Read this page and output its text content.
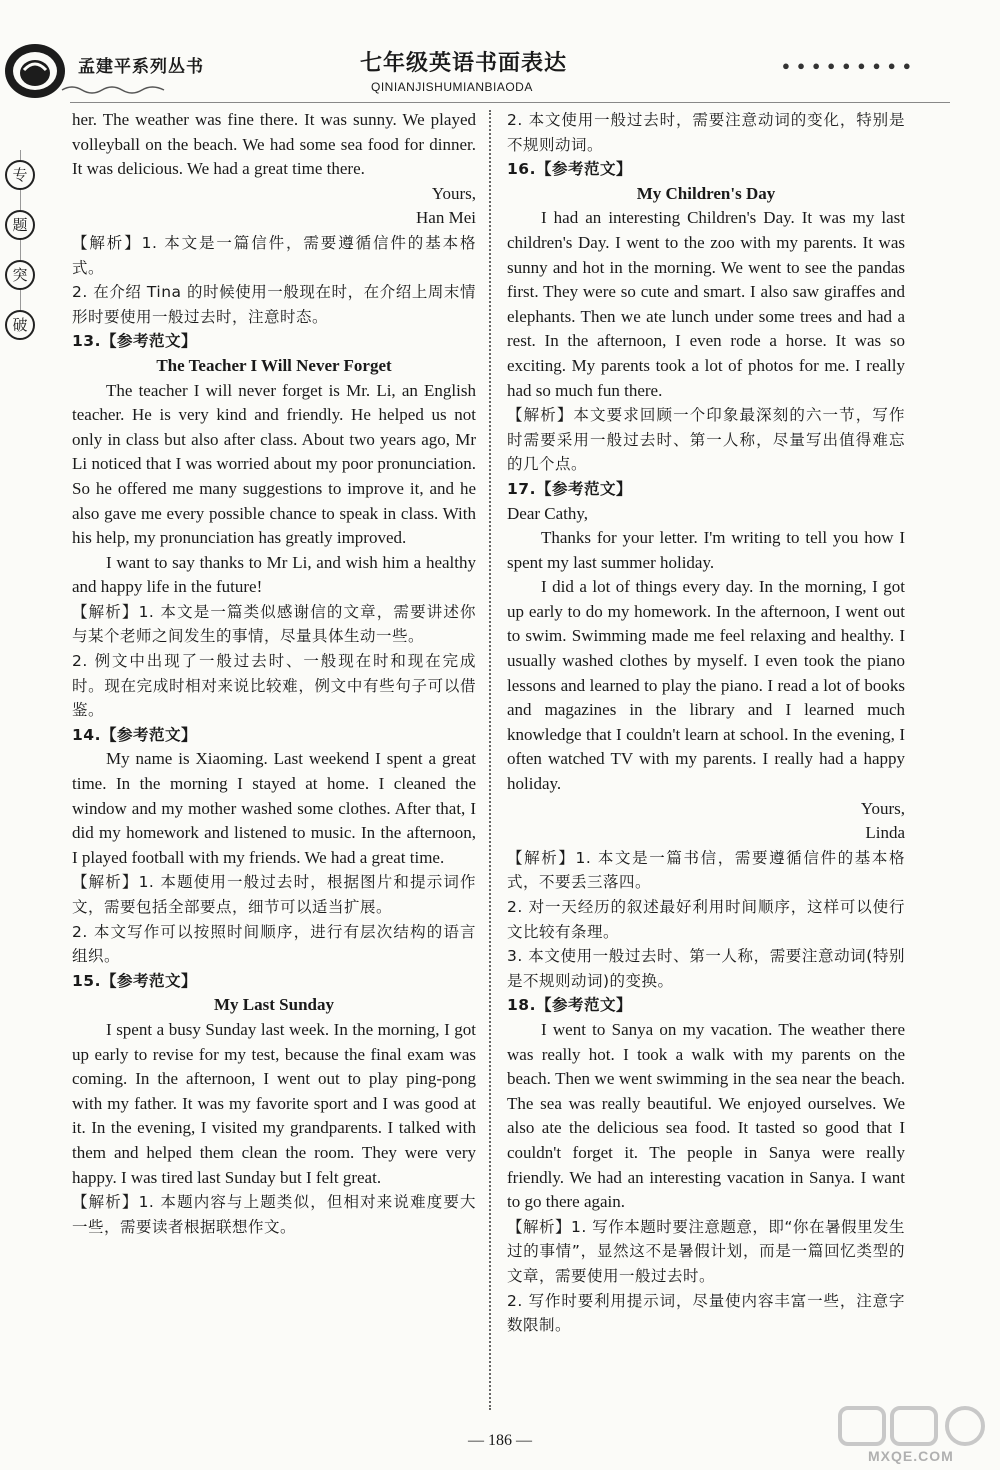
孟建平系列丛书	七年级英语书面表达
QINIANJISHUMIANBIAODA
● ● ● ● ● ● ● ● ●
专
题
突
破

her. The weather was fine there. It was sunny. We played volleyball on the beach. We had some sea food for dinner. It was delicious. We had a great time there.

Yours,

Han Mei

【解析】1. 本文是一篇信件，需要遵循信件的基本格式。

2. 在介绍 Tina 的时候使用一般现在时，在介绍上周末情形时要使用一般过去时，注意时态。

13.【参考范文】

The Teacher I Will Never Forget

The teacher I will never forget is Mr. Li, an English teacher. He is very kind and friendly. He helped us not only in class but also after class. About two years ago, Mr Li noticed that I was worried about my poor pronunciation. So he offered me many suggestions to improve it, and he also gave me every possible chance to speak in class. With his help, my pronunciation has greatly improved.

I want to say thanks to Mr Li, and wish him a healthy and happy life in the future!

【解析】1. 本文是一篇类似感谢信的文章，需要讲述你与某个老师之间发生的事情，尽量具体生动一些。

2. 例文中出现了一般过去时、一般现在时和现在完成时。现在完成时相对来说比较难，例文中有些句子可以借鉴。

14.【参考范文】

My name is Xiaoming. Last weekend I spent a great time. In the morning I stayed at home. I cleaned the window and my mother washed some clothes. After that, I did my homework and listened to music. In the afternoon, I played football with my friends. We had a great time.

【解析】1. 本题使用一般过去时，根据图片和提示词作文，需要包括全部要点，细节可以适当扩展。

2. 本文写作可以按照时间顺序，进行有层次结构的语言组织。

15.【参考范文】

My Last Sunday

I spent a busy Sunday last week. In the morning, I got up early to revise for my test, because the final exam was coming. In the afternoon, I went out to play ping-pong with my father. It was my favorite sport and I was good at it. In the evening, I visited my grandparents. I talked with them and helped them clean the room. They were very happy. I was tired last Sunday but I felt great.

【解析】1. 本题内容与上题类似，但相对来说难度要大一些，需要读者根据联想作文。

2. 本文使用一般过去时，需要注意动词的变化，特别是不规则动词。

16.【参考范文】

My Children's Day

I had an interesting Children's Day. It was my last children's Day. I went to the zoo with my parents. It was sunny and hot in the morning. We went to see the pandas first. They were so cute and smart. I also saw giraffes and elephants. Then we ate lunch under some trees and had a rest. In the afternoon, I even rode a horse. It was so exciting. My parents took a lot of photos for me. I really had so much fun there.

【解析】本文要求回顾一个印象最深刻的六一节，写作时需要采用一般过去时、第一人称，尽量写出值得难忘的几个点。

17.【参考范文】

Dear Cathy,

Thanks for your letter. I'm writing to tell you how I spent my last summer holiday.

I did a lot of things every day. In the morning, I got up early to do my homework. In the afternoon, I went out to swim. Swimming made me feel relaxing and healthy. I usually washed clothes by myself. I even took the piano lessons and learned to play the piano. I read a lot of books and magazines in the library and I learned much knowledge that I couldn't learn at school. In the evening, I often watched TV with my parents. I really had a happy holiday.

Yours,

Linda

【解析】1. 本文是一篇书信，需要遵循信件的基本格式，不要丢三落四。

2. 对一天经历的叙述最好利用时间顺序，这样可以使行文比较有条理。

3. 本文使用一般过去时、第一人称，需要注意动词(特别是不规则动词)的变换。

18.【参考范文】

I went to Sanya on my vacation. The weather there was really hot. I took a walk with my parents on the beach. Then we went swimming in the sea near the beach. The sea was really beautiful. We enjoyed ourselves. We also ate the delicious sea food. It tasted so good that I couldn't forget it. The people in Sanya were really friendly. We had an interesting vacation in Sanya. I want to go there again.

【解析】1. 写作本题时要注意题意，即“你在暑假里发生过的事情”，显然这不是暑假计划，而是一篇回忆类型的文章，需要使用一般过去时。

2. 写作时要利用提示词，尽量使内容丰富一些，注意字数限制。

— 186 —
MXQE.COM
